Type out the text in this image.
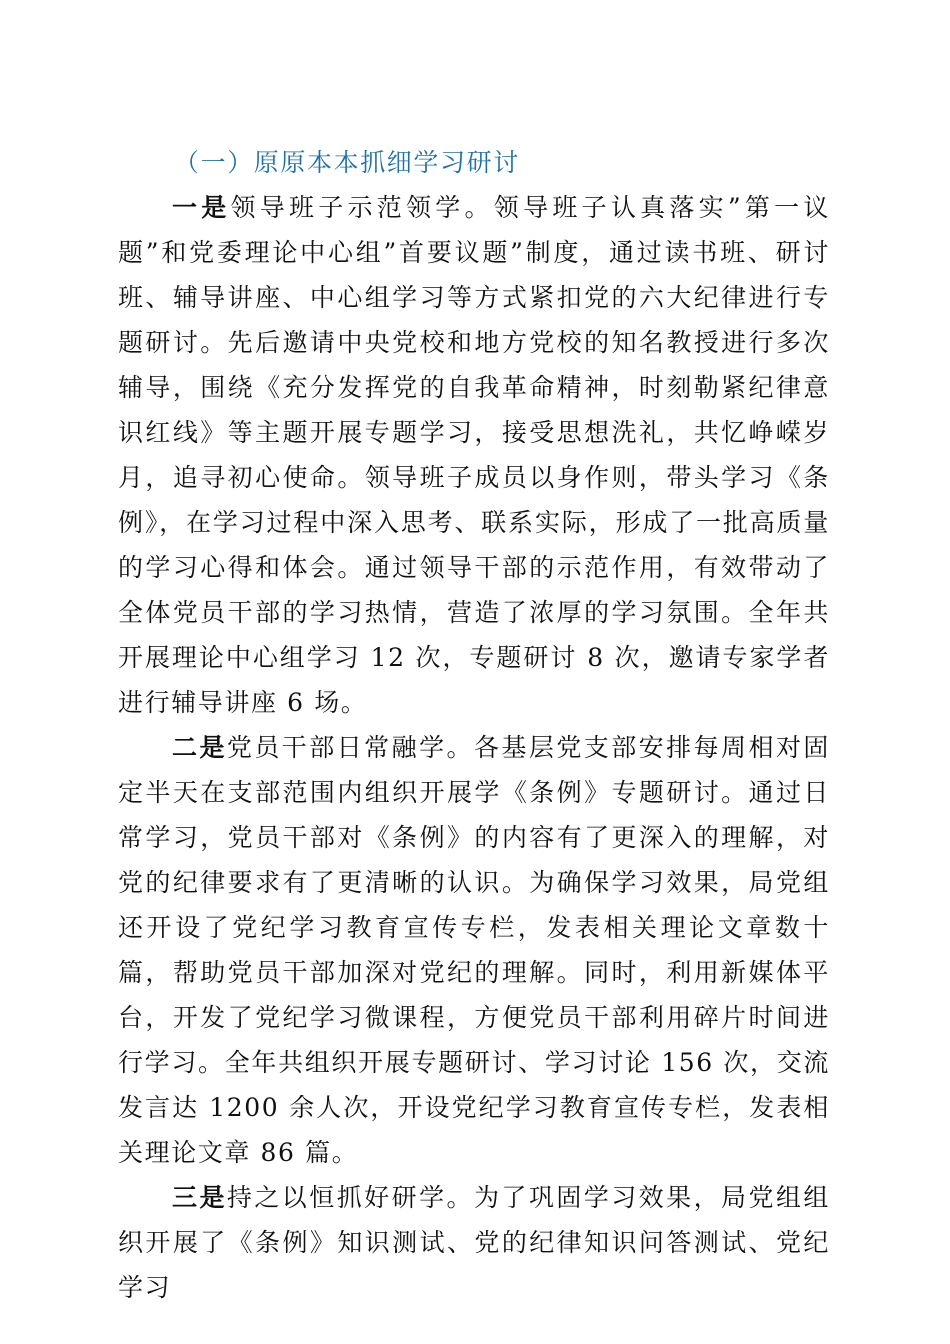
（一）原原本本抓细学习研讨

一是领导班子示范领学。领导班子认真落实”第一议题”和党委理论中心组”首要议题”制度，通过读书班、研讨班、辅导讲座、中心组学习等方式紧扣党的六大纪律进行专题研讨。先后邀请中央党校和地方党校的知名教授进行多次辅导，围绕《充分发挥党的自我革命精神，时刻勒紧纪律意识红线》等主题开展专题学习，接受思想洗礼，共忆峥嵘岁月，追寻初心使命。领导班子成员以身作则，带头学习《条例》，在学习过程中深入思考、联系实际，形成了一批高质量的学习心得和体会。通过领导干部的示范作用，有效带动了全体党员干部的学习热情，营造了浓厚的学习氛围。全年共开展理论中心组学习 12 次，专题研讨 8 次，邀请专家学者进行辅导讲座 6 场。

二是党员干部日常融学。各基层党支部安排每周相对固定半天在支部范围内组织开展学《条例》专题研讨。通过日常学习，党员干部对《条例》的内容有了更深入的理解，对党的纪律要求有了更清晰的认识。为确保学习效果，局党组还开设了党纪学习教育宣传专栏，发表相关理论文章数十篇，帮助党员干部加深对党纪的理解。同时，利用新媒体平台，开发了党纪学习微课程，方便党员干部利用碎片时间进行学习。全年共组织开展专题研讨、学习讨论 156 次，交流发言达 1200 余人次，开设党纪学习教育宣传专栏，发表相关理论文章 86 篇。

三是持之以恒抓好研学。为了巩固学习效果，局党组组织开展了《条例》知识测试、党的纪律知识问答测试、党纪学习
